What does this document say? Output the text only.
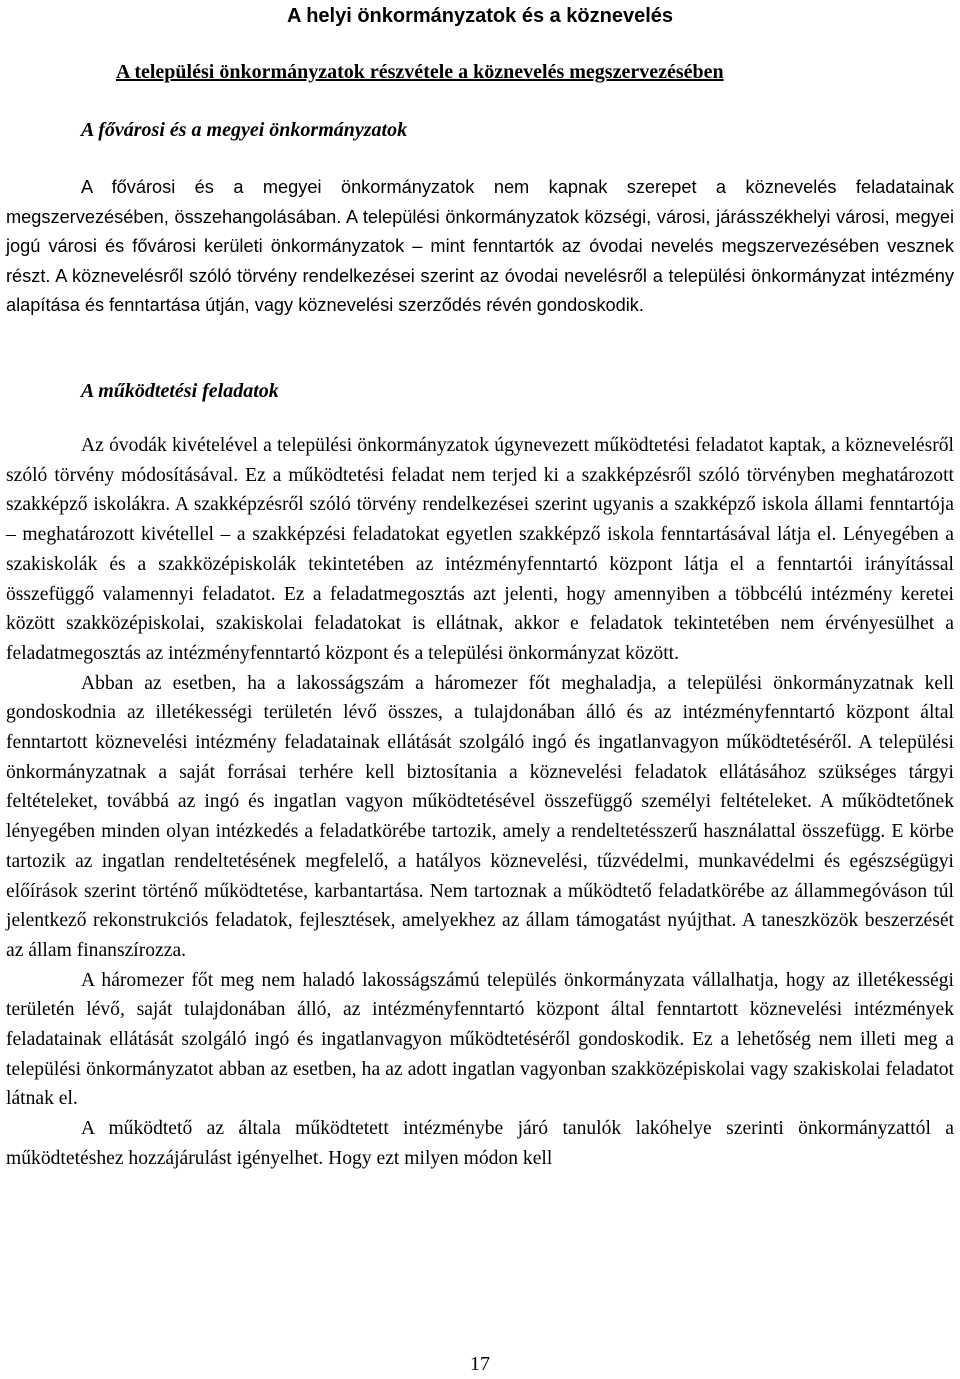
A helyi önkormányzatok és a köznevelés
A települési önkormányzatok részvétele a köznevelés megszervezésében
A fővárosi és a megyei önkormányzatok

A fővárosi és a megyei önkormányzatok nem kapnak szerepet a köznevelés feladatainak megszervezésében, összehangolásában. A települési önkormányzatok községi, városi, járásszékhelyi városi, megyei jogú városi és fővárosi kerületi önkormányzatok – mint fenntartók az óvodai nevelés megszervezésében vesznek részt. A köznevelésről szóló törvény rendelkezései szerint az óvodai nevelésről a települési önkormányzat intézmény alapítása és fenntartása útján, vagy köznevelési szerződés révén gondoskodik.

A működtetési feladatok

Az óvodák kivételével a települési önkormányzatok úgynevezett működtetési feladatot kaptak, a köznevelésről szóló törvény módosításával. Ez a működtetési feladat nem terjed ki a szakképzésről szóló törvényben meghatározott szakképző iskolákra. A szakképzésről szóló törvény rendelkezései szerint ugyanis a szakképző iskola állami fenntartója – meghatározott kivétellel – a szakképzési feladatokat egyetlen szakképző iskola fenntartásával látja el. Lényegében a szakiskolák és a szakközépiskolák tekintetében az intézményfenntartó központ látja el a fenntartói irányítással összefüggő valamennyi feladatot. Ez a feladatmegosztás azt jelenti, hogy amennyiben a többcélú intézmény keretei között szakközépiskolai, szakiskolai feladatokat is ellátnak, akkor e feladatok tekintetében nem érvényesülhet a feladatmegosztás az intézményfenntartó központ és a települési önkormányzat között.

Abban az esetben, ha a lakosságszám a háromezer főt meghaladja, a települési önkormányzatnak kell gondoskodnia az illetékességi területén lévő összes, a tulajdonában álló és az intézményfenntartó központ által fenntartott köznevelési intézmény feladatainak ellátását szolgáló ingó és ingatlanvagyon működtetéséről. A települési önkormányzatnak a saját forrásai terhére kell biztosítania a köznevelési feladatok ellátásához szükséges tárgyi feltételeket, továbbá az ingó és ingatlan vagyon működtetésével összefüggő személyi feltételeket. A működtetőnek lényegében minden olyan intézkedés a feladatkörébe tartozik, amely a rendeltetésszerű használattal összefügg. E körbe tartozik az ingatlan rendeltetésének megfelelő, a hatályos köznevelési, tűzvédelmi, munkavédelmi és egészségügyi előírások szerint történő működtetése, karbantartása. Nem tartoznak a működtető feladatkörébe az állammegóváson túl jelentkező rekonstrukciós feladatok, fejlesztések, amelyekhez az állam támogatást nyújthat. A taneszközök beszerzését az állam finanszírozza.

A háromezer főt meg nem haladó lakosságszámú település önkormányzata vállalhatja, hogy az illetékességi területén lévő, saját tulajdonában álló, az intézményfenntartó központ által fenntartott köznevelési intézmények feladatainak ellátását szolgáló ingó és ingatlanvagyon működtetéséről gondoskodik. Ez a lehetőség nem illeti meg a települési önkormányzatot abban az esetben, ha az adott ingatlan vagyonban szakközépiskolai vagy szakiskolai feladatot látnak el.

A működtető az általa működtetett intézménybe járó tanulók lakóhelye szerinti önkormányzattól a működtetéshez hozzájárulást igényelhet. Hogy ezt milyen módon kell

17
